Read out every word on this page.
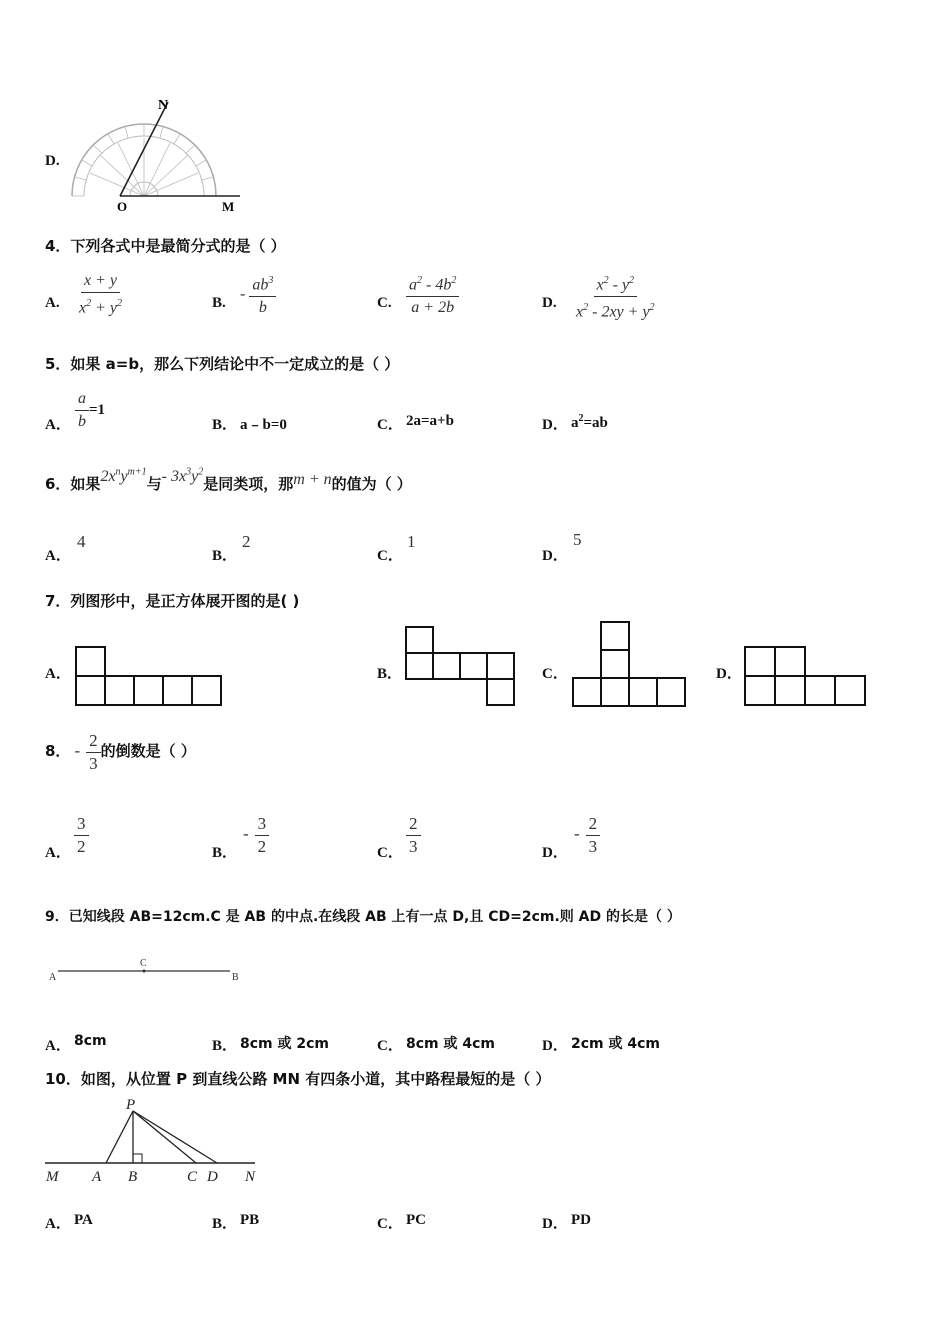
D.
N
O	M
4．下列各式中是最简分式的是（ ）
A. $\frac{x + y}{x^2 + y^2}$	B.
- $\frac{ab^3}{b}$	C. $\frac{a^2 - 4b^2}{a + 2b}$	D. $\frac{x^2 - y^2}{x^2 - 2xy + y^2}$
5．如果 a=b，那么下列结论中不一定成立的是（ ）
A． $\frac{a}{b} =1$
B． a﹣b=0	C． 2a=a+b	D． $a^2=ab$
6．如果$2x^ny^{m+1}$与- $3x^3y^2$是同类项，那m + n的值为（ ）
A．
4
B．
2
C．
1
D．
5
7．列图形中，是正方体展开图的是( )
A．	B．	C．	D．
8． - $\frac{2}{3}$ 的倒数是（ ）
A． $\frac{3}{2}$	B．
- $\frac{3}{2}$	C． $\frac{2}{3}$	D．
- $\frac{2}{3}$
9．已知线段 AB=12cm.C 是 AB 的中点.在线段 AB 上有一点 D,且 CD=2cm.则 AD 的长是（ ）
A
C
B
A． 8cm	B． 8cm 或 2cm	C． 8cm 或 4cm	D． 2cm 或 4cm
10．如图，从位置 P 到直线公路 MN 有四条小道，其中路程最短的是（ ）
P
M A B	C D N
A． PA	B． PB	C． PC	D． PD
